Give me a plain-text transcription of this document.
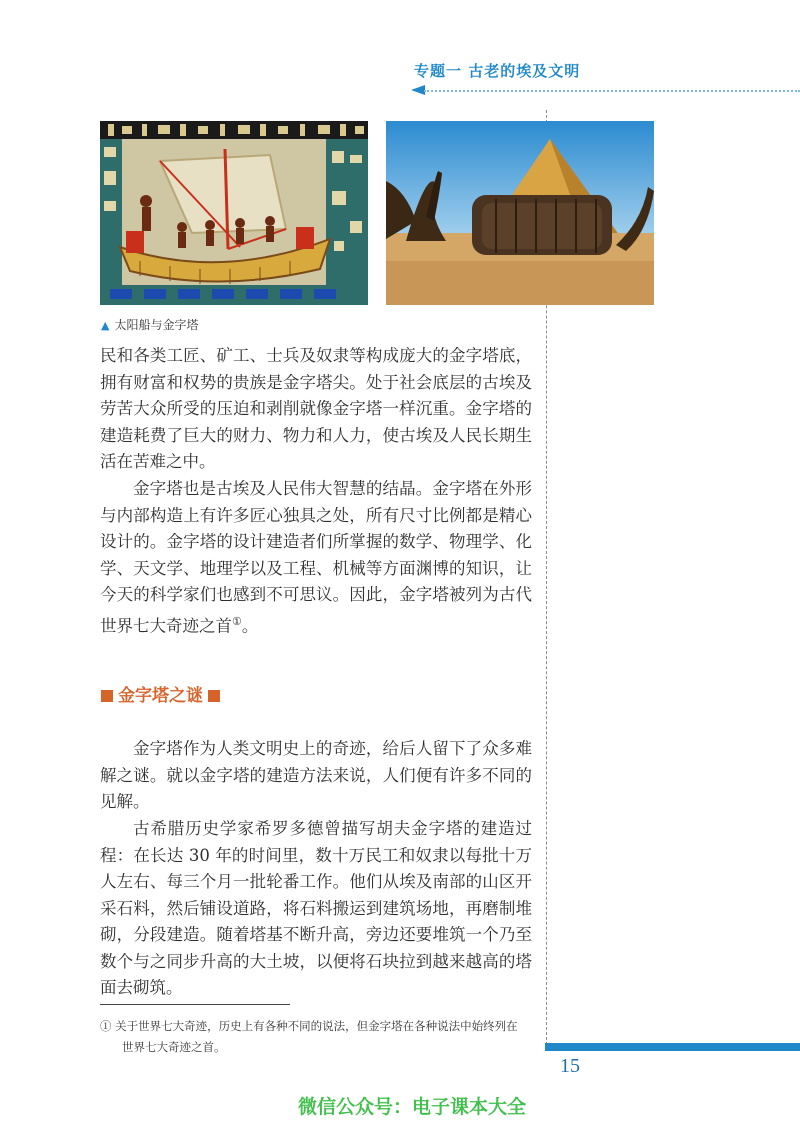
专题一 古老的埃及文明
▲ 太阳船与金字塔
民和各类工匠、矿工、士兵及奴隶等构成庞大的金字塔底，拥有财富和权势的贵族是金字塔尖。处于社会底层的古埃及劳苦大众所受的压迫和剥削就像金字塔一样沉重。金字塔的建造耗费了巨大的财力、物力和人力，使古埃及人民长期生活在苦难之中。
金字塔也是古埃及人民伟大智慧的结晶。金字塔在外形与内部构造上有许多匠心独具之处，所有尺寸比例都是精心设计的。金字塔的设计建造者们所掌握的数学、物理学、化学、天文学、地理学以及工程、机械等方面渊博的知识，让今天的科学家们也感到不可思议。因此，金字塔被列为古代世界七大奇迹之首①。
金字塔之谜
金字塔作为人类文明史上的奇迹，给后人留下了众多难解之谜。就以金字塔的建造方法来说，人们便有许多不同的见解。
古希腊历史学家希罗多德曾描写胡夫金字塔的建造过程：在长达 30 年的时间里，数十万民工和奴隶以每批十万人左右、每三个月一批轮番工作。他们从埃及南部的山区开采石料，然后铺设道路，将石料搬运到建筑场地，再磨制堆砌，分段建造。随着塔基不断升高，旁边还要堆筑一个乃至数个与之同步升高的大土坡，以便将石块拉到越来越高的塔面去砌筑。
① 关于世界七大奇迹，历史上有各种不同的说法，但金字塔在各种说法中始终列在
世界七大奇迹之首。
15
微信公众号：电子课本大全
